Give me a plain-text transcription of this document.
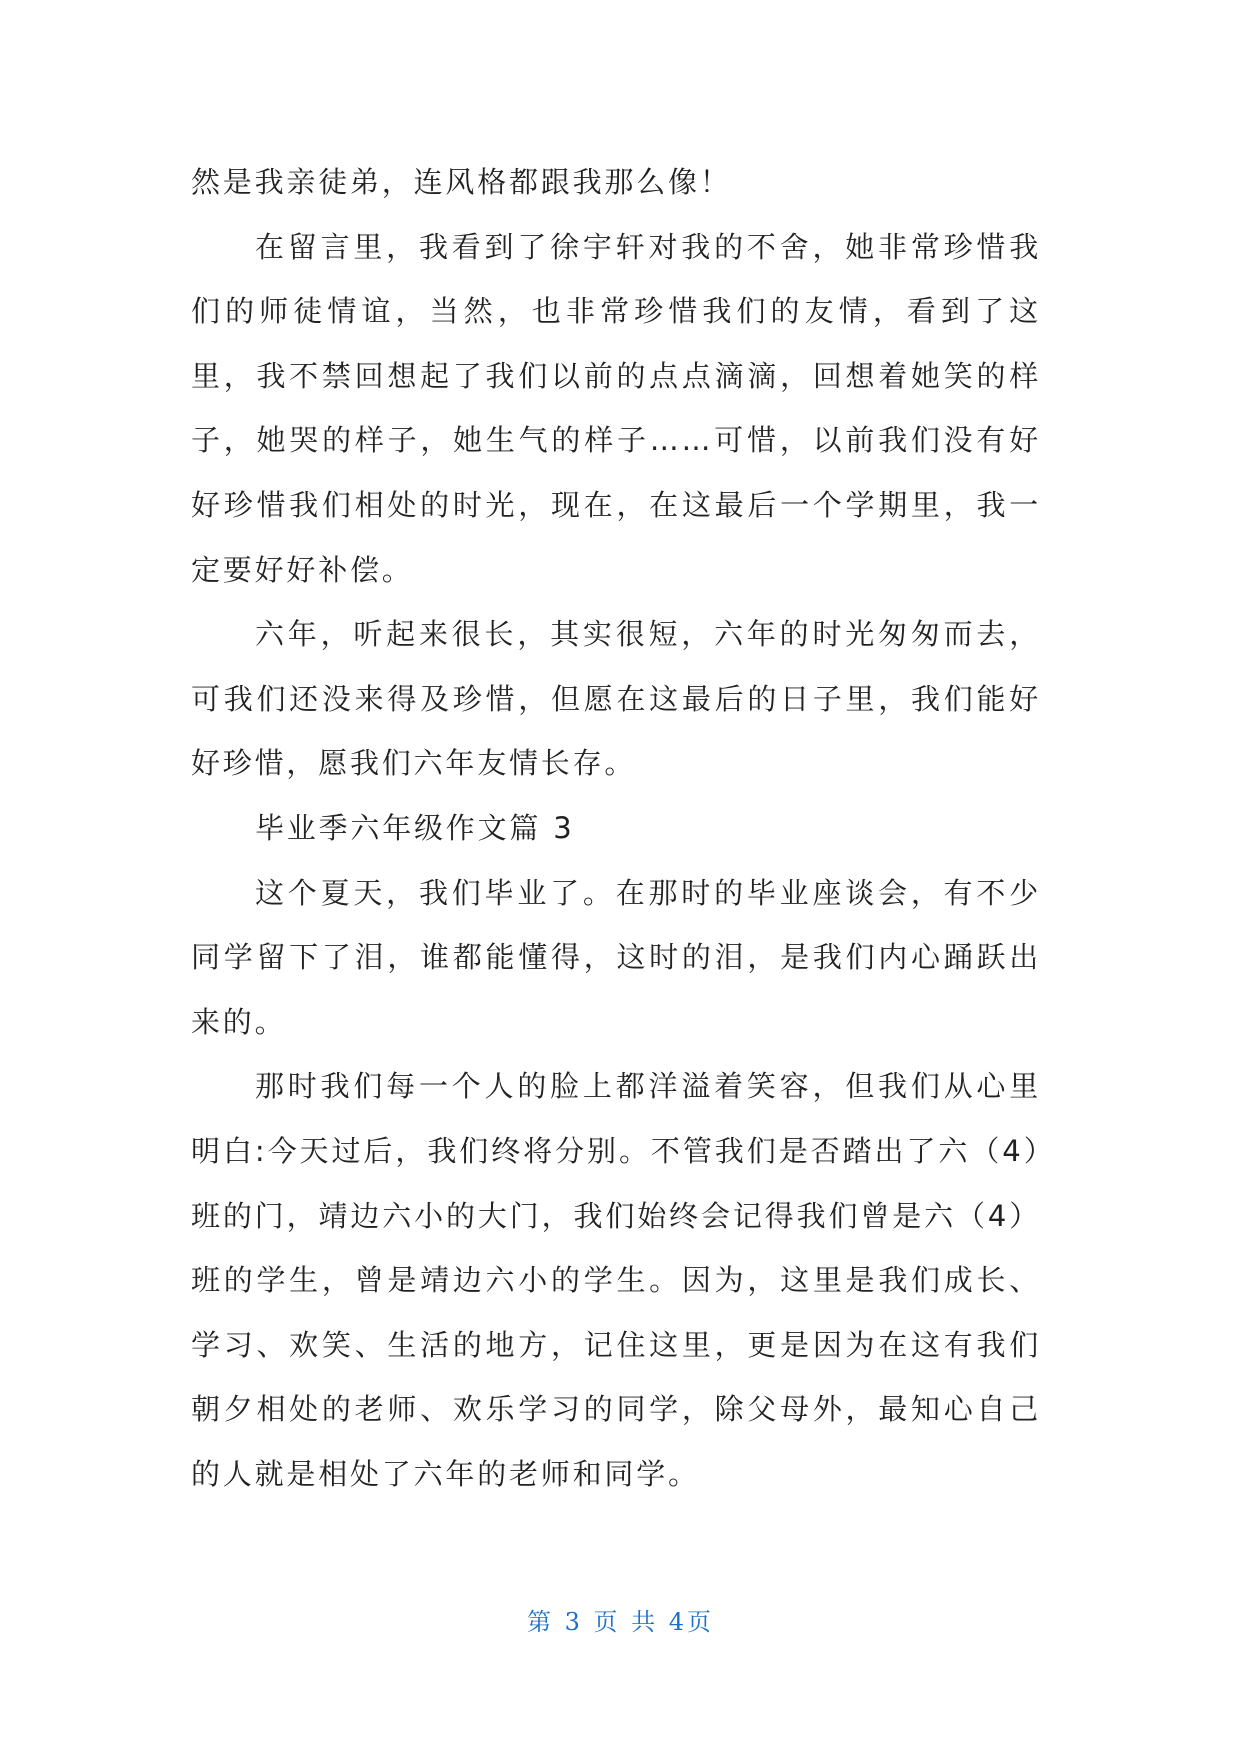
然是我亲徒弟，连风格都跟我那么像！

在留言里，我看到了徐宇轩对我的不舍，她非常珍惜我们的师徒情谊，当然，也非常珍惜我们的友情，看到了这里，我不禁回想起了我们以前的点点滴滴，回想着她笑的样子，她哭的样子，她生气的样子……可惜，以前我们没有好好珍惜我们相处的时光，现在，在这最后一个学期里，我一定要好好补偿。

六年，听起来很长，其实很短，六年的时光匆匆而去，可我们还没来得及珍惜，但愿在这最后的日子里，我们能好好珍惜，愿我们六年友情长存。

毕业季六年级作文篇 3

这个夏天，我们毕业了。在那时的毕业座谈会，有不少同学留下了泪，谁都能懂得，这时的泪，是我们内心踊跃出来的。

那时我们每一个人的脸上都洋溢着笑容，但我们从心里明白:今天过后，我们终将分别。不管我们是否踏出了六（4）班的门，靖边六小的大门，我们始终会记得我们曾是六（4）班的学生，曾是靖边六小的学生。因为，这里是我们成长、学习、欢笑、生活的地方，记住这里，更是因为在这有我们朝夕相处的老师、欢乐学习的同学，除父母外，最知心自己的人就是相处了六年的老师和同学。

第 3 页 共 4页
